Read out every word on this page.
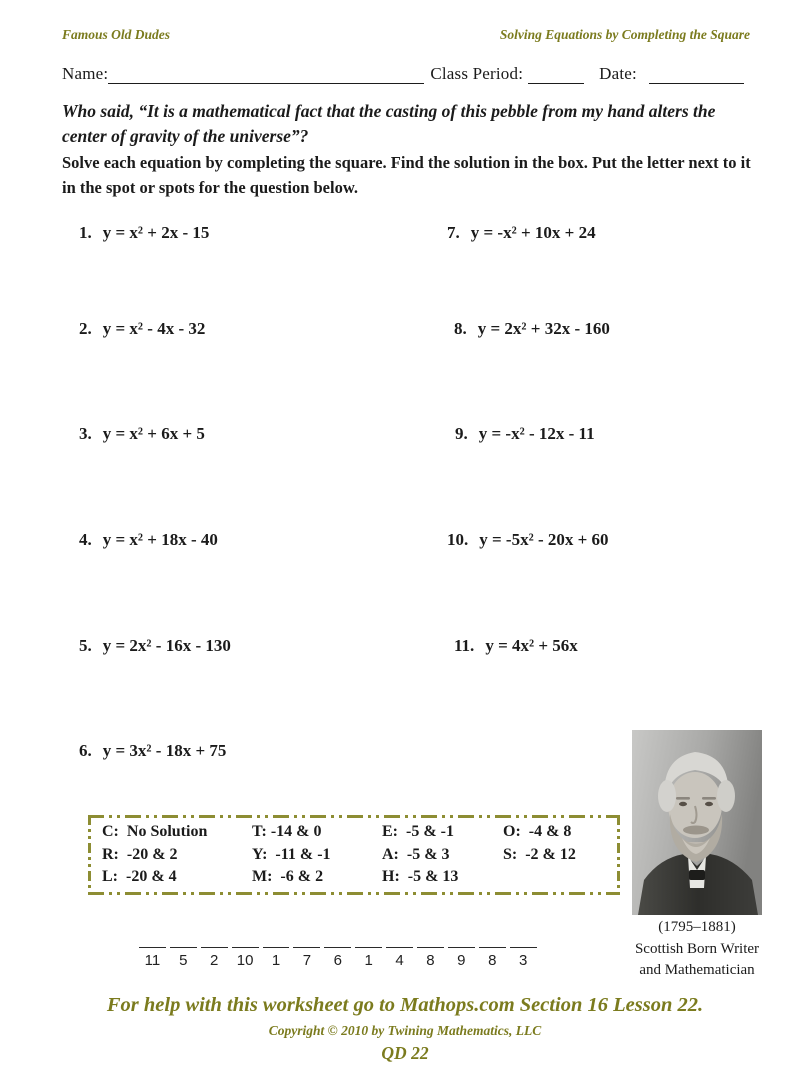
Famous Old Dudes	Solving Equations by Completing the Square
Name:	Class Period:	Date:
Who said, “It is a mathematical fact that the casting of this pebble from my hand alters the center of gravity of the universe”?
Solve each equation by completing the square. Find the solution in the box. Put the letter next to it in the spot or spots for the question below.

1. y = x² + 2x - 15

2. y = x² - 4x - 32

3. y = x² + 6x + 5

4. y = x² + 18x - 40

5. y = 2x² - 16x - 130

6. y = 3x² - 18x + 75

7. y = -x² + 10x + 24

8. y = 2x² + 32x - 160

9. y = -x² - 12x - 11

10. y = -5x² - 20x + 60

11. y = 4x² + 56x

C:  No Solution	T: -14 & 0	E:  -5 & -1	O:  -4 & 8
R:  -20 & 2	Y:  -11 & -1	A:  -5 & 3	S:  -2 & 12
L:  -20 & 4	M:  -6 & 2	H:  -5 & 13
(1795–1881)
Scottish Born Writer
and Mathematician
11 5 2 10 1 7 6 1 4 8 9 8 3
For help with this worksheet go to Mathops.com Section 16 Lesson 22.
Copyright © 2010 by Twining Mathematics, LLC
QD 22
